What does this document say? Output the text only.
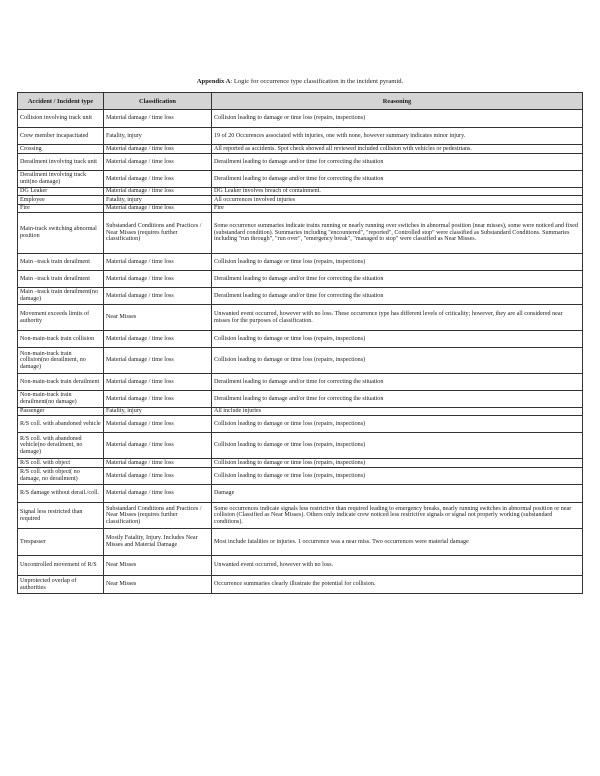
Appendix A: Logic for occurrence type classification in the incident pyramid.
Accident / Incident type	Classification	Reasoning
Collision involving track unit	Material damage / time loss	Collision leading to damage or time loss (repairs, inspections)
Crew member incapacitated	Fatality, injury	19 of 20 Occurences associated with injuries, one with none, however summary indicates minor injury.
Crossing	Material damage / time loss	All reported as accidents. Spot check showed all reviewed included collision with vehicles or pedestrians.
Derailment involving track unit	Material damage / time loss	Derailment leading to damage and/or time for correcting the situation
Derailment involving track unit(no damage)	Material damage / time loss	Derailment leading to damage and/or time for correcting the situation
DG Leaker	Material damage / time loss	DG Leaker involves breach of containment.
Employee	Fatality, injury	All occurrences involved injuries
Fire	Material damage / time loss	Fire
Main-track switching abnormal position	Substandard Conditions and Practices / Near Misses (requires further classification)	Some occurrence summaries indicate trains running or nearly running over switches in abnormal position (near misses), some were noticed and fixed (substandard condition). Summaries including "encountered", "reported", Controlled stop" were classified as Substandard Conditions. Summaries including "run through", "run over", "emergency break", "managed to stop" were classified as Near Misses.
Main –track train derailment	Material damage / time loss	Collision leading to damage or time loss (repairs, inspections)
Main –track train derailment	Material damage / time loss	Derailment leading to damage and/or time for correcting the situation
Main –track train derailment(no damage)	Material damage / time loss	Derailment leading to damage and/or time for correcting the situation
Movement exceeds limits of authority	Near Misses	Unwanted event occurred, however with no loss. These occurrence type has different levels of criticality; however, they are all considered near misses for the purposes of classification.
Non-main-track train collision	Material damage / time loss	Collision leading to damage or time loss (repairs, inspections)
Non-main-track train collision(no derailment, no damage)	Material damage / time loss	Collision leading to damage or time loss (repairs, inspections)
Non-main-track train derailment	Material damage / time loss	Derailment leading to damage and/or time for correcting the situation
Non-main-track train derailment(no damage)	Material damage / time loss	Derailment leading to damage and/or time for correcting the situation
Passenger	Fatality, injury	All include injuries
R/S coll. with abandoned vehicle	Material damage / time loss	Collision leading to damage or time loss (repairs, inspections)
R/S coll. with abandoned vehicle(no derailment, no damage)	Material damage / time loss	Collision leading to damage or time loss (repairs, inspections)
R/S coll. with object	Material damage / time loss	Collision leading to damage or time loss (repairs, inspections)
R/S coll. with object( no damage, no derailment)	Material damage / time loss	Collision leading to damage or time loss (repairs, inspections)
R/S damage without derail./coll.	Material damage / time loss	Damage
Signal less restricted than required	Substandard Conditions and Practices / Near Misses (requires further classification)	Some occurrences indicate signals less restrictive than required leading to emergency breaks, nearly running switches in abnormal position or near collision (Classified as Near Misses). Others only indicate crew noticed less restrictive signals or signal not properly working (substandard conditions).
Trespasser	Mostly Fatality, Injury. Includes Near Misses and Material Damage	Most include fatalities or injuries. 1 occurrence was a near miss. Two occurrences were material damage
Uncontrolled movement of R/S	Near Misses	Unwanted event occurred, however with no loss.
Unprotected overlap of authorities	Near Misses	Occurrence summaries clearly illustrate the potential for collision.
